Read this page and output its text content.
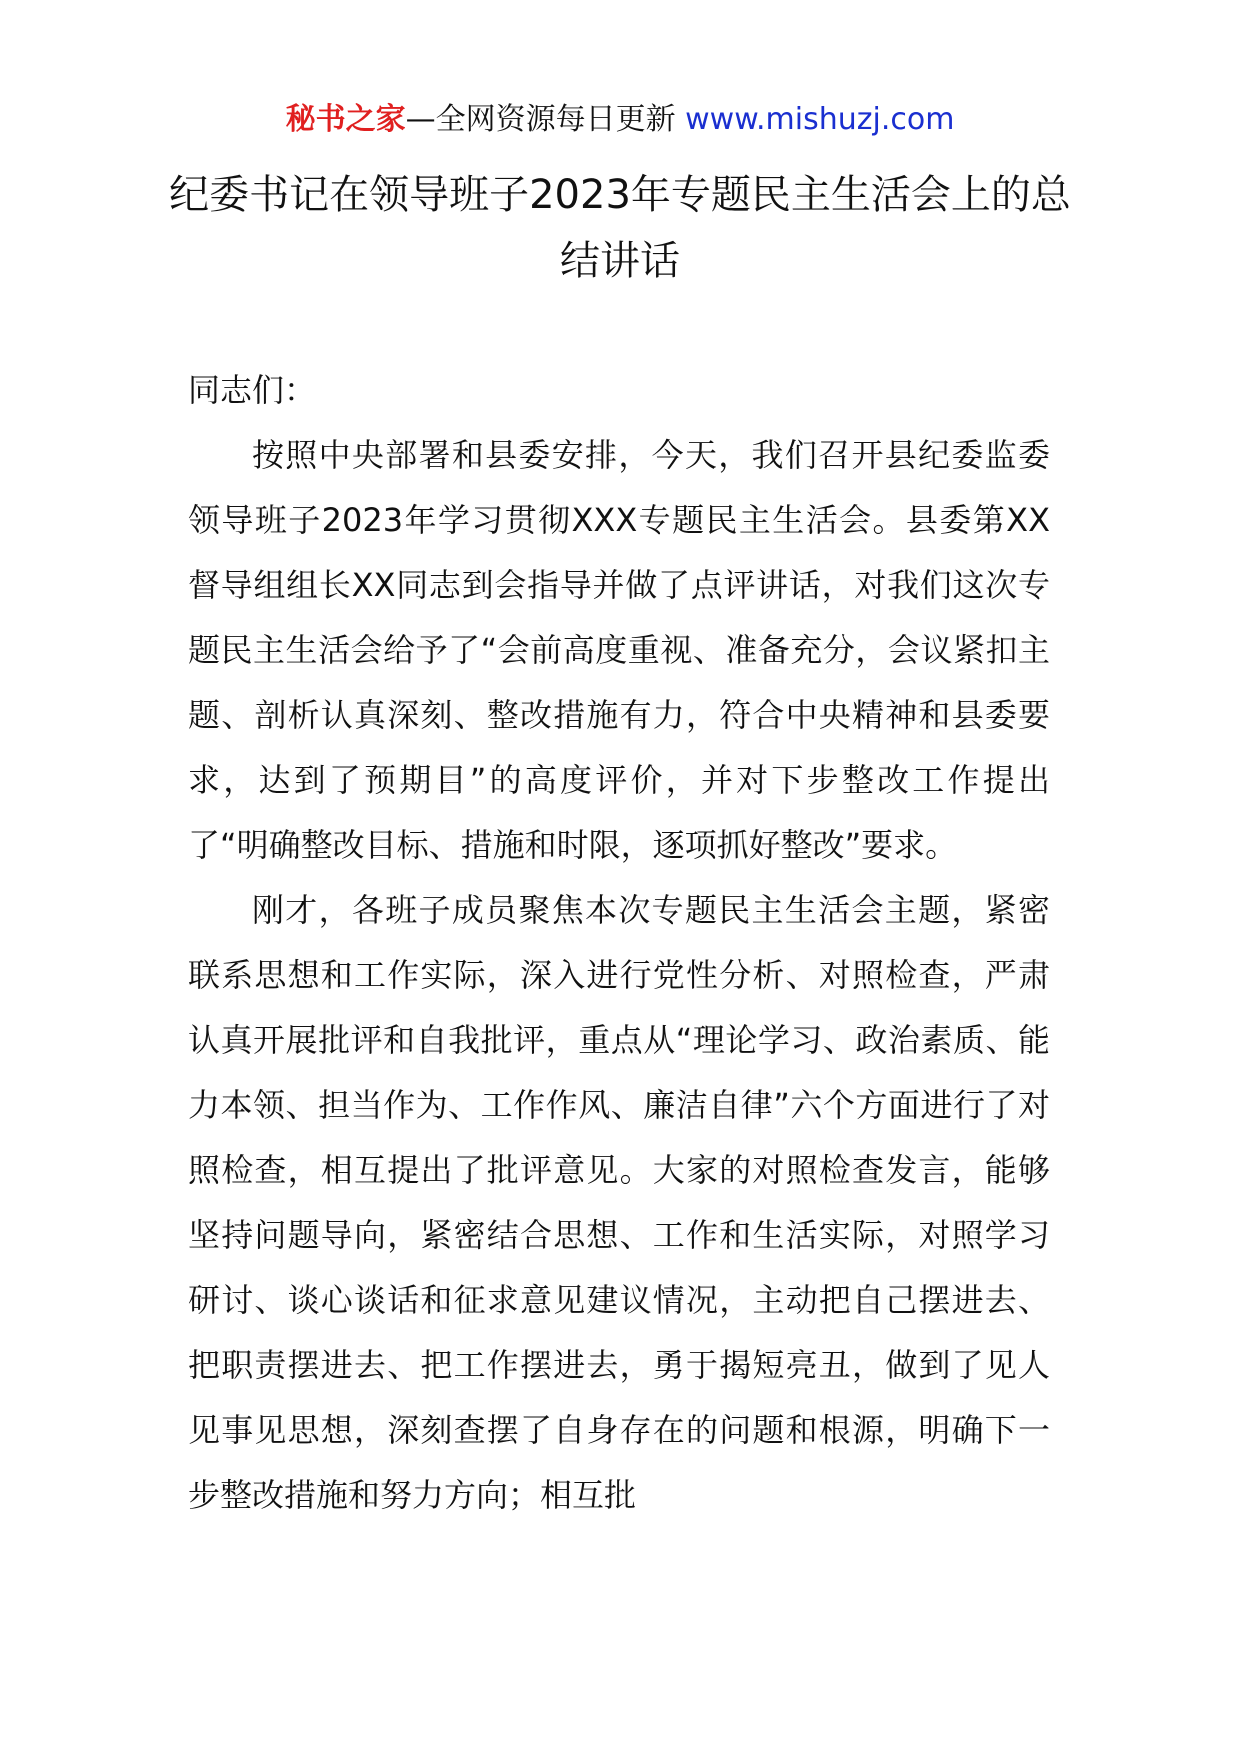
秘书之家—全网资源每日更新 www.mishuzj.com
纪委书记在领导班子2023年专题民主生活会上的总结讲话

同志们：

按照中央部署和县委安排，今天，我们召开县纪委监委领导班子2023年学习贯彻XXX专题民主生活会。县委第XX督导组组长XX同志到会指导并做了点评讲话，对我们这次专题民主生活会给予了“会前高度重视、准备充分，会议紧扣主题、剖析认真深刻、整改措施有力，符合中央精神和县委要求，达到了预期目”的高度评价，并对下步整改工作提出了“明确整改目标、措施和时限，逐项抓好整改”要求。

刚才，各班子成员聚焦本次专题民主生活会主题，紧密联系思想和工作实际，深入进行党性分析、对照检查，严肃认真开展批评和自我批评，重点从“理论学习、政治素质、能力本领、担当作为、工作作风、廉洁自律”六个方面进行了对照检查，相互提出了批评意见。大家的对照检查发言，能够坚持问题导向，紧密结合思想、工作和生活实际，对照学习研讨、谈心谈话和征求意见建议情况，主动把自己摆进去、把职责摆进去、把工作摆进去，勇于揭短亮丑，做到了见人见事见思想，深刻查摆了自身存在的问题和根源，明确下一步整改措施和努力方向；相互批
